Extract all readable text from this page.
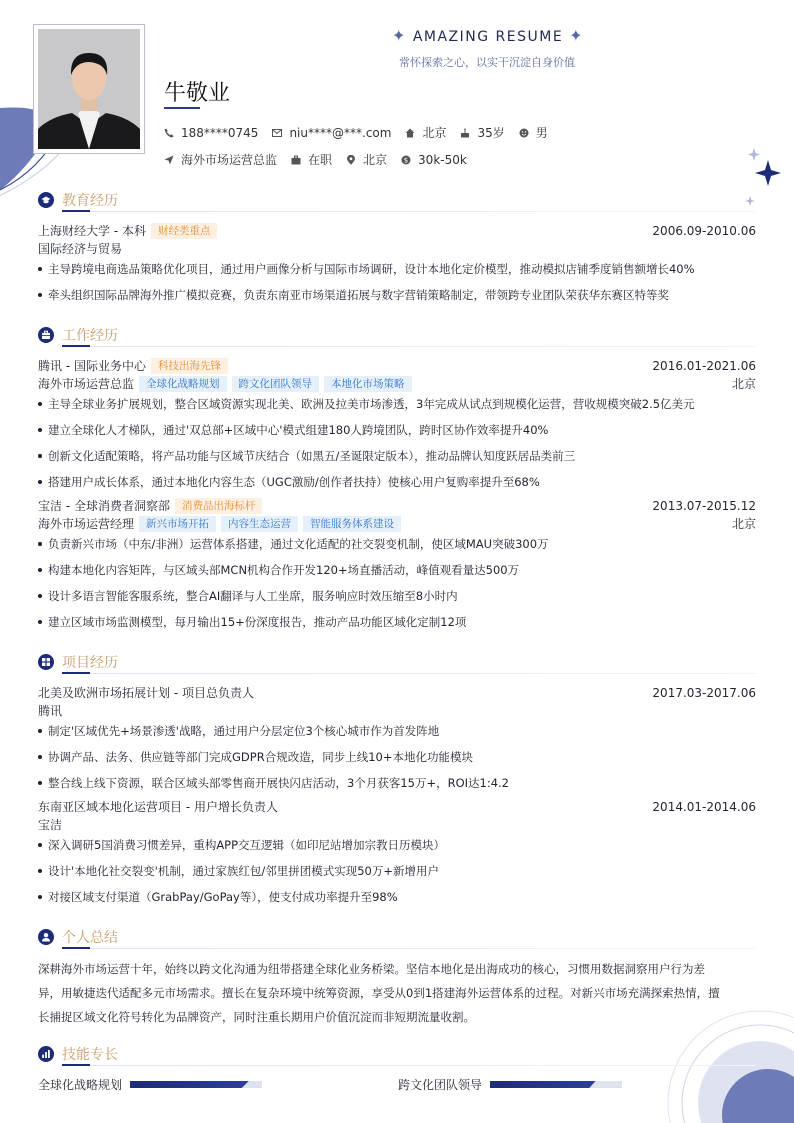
✦ AMAZING RESUME ✦
常怀探索之心，以实干沉淀自身价值
牛敬业
188****0745	niu****@***.com	北京	35岁	男
海外市场运营总监	在职	北京 $ 30k-50k
教育经历
上海财经大学 - 本科	财经类重点	2006.09-2010.06
国际经济与贸易
主导跨境电商选品策略优化项目，通过用户画像分析与国际市场调研，设计本地化定价模型，推动模拟店铺季度销售额增长40%
牵头组织国际品牌海外推广模拟竞赛，负责东南亚市场渠道拓展与数字营销策略制定，带领跨专业团队荣获华东赛区特等奖
工作经历
腾讯 - 国际业务中心	科技出海先锋	2016.01-2021.06
海外市场运营总监	全球化战略规划	跨文化团队领导	本地化市场策略	北京
主导全球业务扩展规划，整合区域资源实现北美、欧洲及拉美市场渗透，3年完成从试点到规模化运营，营收规模突破2.5亿美元
建立全球化人才梯队，通过'双总部+区域中心'模式组建180人跨境团队，跨时区协作效率提升40%
创新文化适配策略，将产品功能与区域节庆结合（如黑五/圣诞限定版本），推动品牌认知度跃居品类前三
搭建用户成长体系，通过本地化内容生态（UGC激励/创作者扶持）使核心用户复购率提升至68%
宝洁 - 全球消费者洞察部	消费品出海标杆	2013.07-2015.12
海外市场运营经理	新兴市场开拓	内容生态运营	智能服务体系建设	北京
负责新兴市场（中东/非洲）运营体系搭建，通过文化适配的社交裂变机制，使区域MAU突破300万
构建本地化内容矩阵，与区域头部MCN机构合作开发120+场直播活动，峰值观看量达500万
设计多语言智能客服系统，整合AI翻译与人工坐席，服务响应时效压缩至8小时内
建立区域市场监测模型，每月输出15+份深度报告，推动产品功能区域化定制12项
项目经历
北美及欧洲市场拓展计划 - 项目总负责人	2017.03-2017.06
腾讯
制定'区域优先+场景渗透'战略，通过用户分层定位3个核心城市作为首发阵地
协调产品、法务、供应链等部门完成GDPR合规改造，同步上线10+本地化功能模块
整合线上线下资源，联合区域头部零售商开展快闪店活动，3个月获客15万+，ROI达1:4.2
东南亚区域本地化运营项目 - 用户增长负责人	2014.01-2014.06
宝洁
深入调研5国消费习惯差异，重构APP交互逻辑（如印尼站增加宗教日历模块）
设计'本地化社交裂变'机制，通过家族红包/邻里拼团模式实现50万+新增用户
对接区域支付渠道（GrabPay/GoPay等），使支付成功率提升至98%
个人总结
深耕海外市场运营十年，始终以跨文化沟通为纽带搭建全球化业务桥梁。坚信本地化是出海成功的核心，习惯用数据洞察用户行为差
异，用敏捷迭代适配多元市场需求。擅长在复杂环境中统筹资源，享受从0到1搭建海外运营体系的过程。对新兴市场充满探索热情，擅
长捕捉区域文化符号转化为品牌资产，同时注重长期用户价值沉淀而非短期流量收割。
技能专长
全球化战略规划	跨文化团队领导
